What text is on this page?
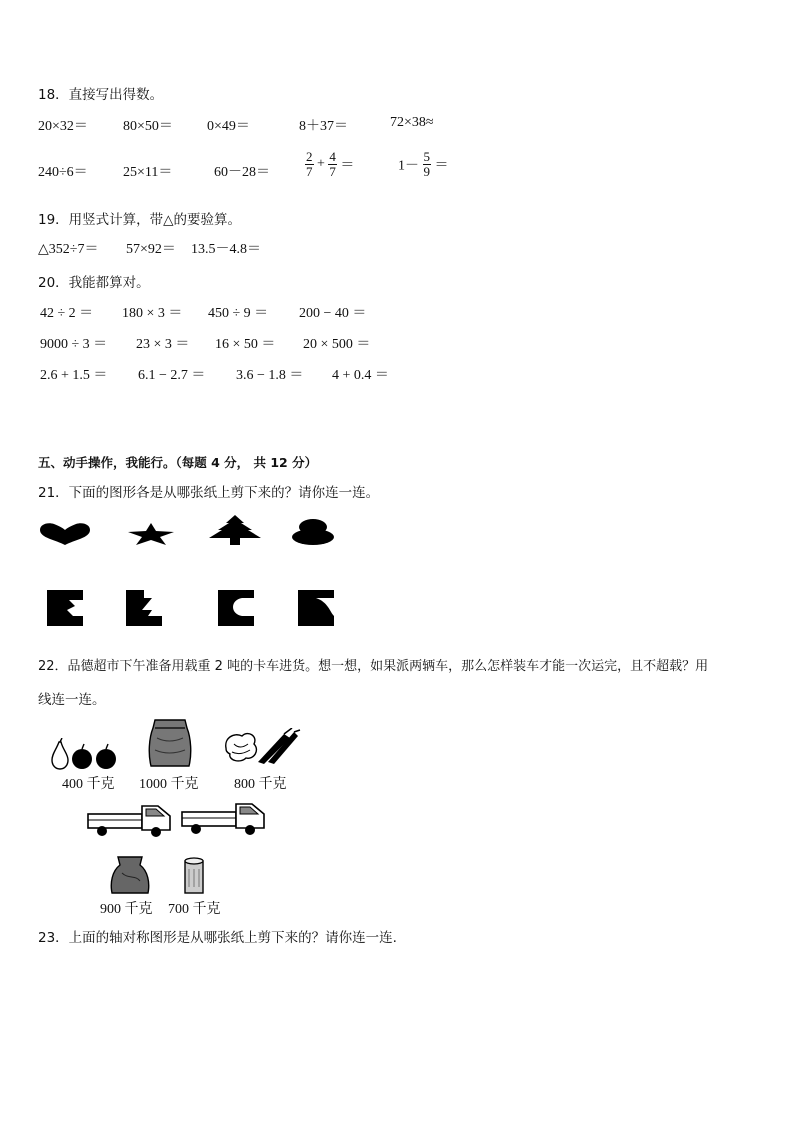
18．直接写出得数。
20×32＝	80×50＝ 0×49＝	8＋37＝	72×38≈
240÷6＝	25×11＝	60－28＝	$\frac{2}{7} + \frac{4}{7}$ ＝	$1- \frac{5}{9}$ ＝
19．用竖式计算，带△的要验算。
△352÷7＝ 57×92＝ 13.5－4.8＝
20．我能都算对。
42 ÷ 2 ＝ 180 × 3 ＝ 450 ÷ 9 ＝ 200 − 40 ＝
9000 ÷ 3 ＝ 23 × 3 ＝ 16 × 50 ＝ 20 × 500 ＝
2.6 + 1.5 ＝ 6.1 − 2.7 ＝ 3.6 − 1.8 ＝ 4 + 0.4 ＝
五、动手操作，我能行。（每题 4 分， 共 12 分）
21．下面的图形各是从哪张纸上剪下来的？请你连一连。
22．品德超市下午准备用载重 2 吨的卡车进货。想一想，如果派两辆车，那么怎样装车才能一次运完，且不超载？用
线连一连。
400 千克 1000 千克	800 千克
900 千克 700 千克
23．上面的轴对称图形是从哪张纸上剪下来的？请你连一连.
